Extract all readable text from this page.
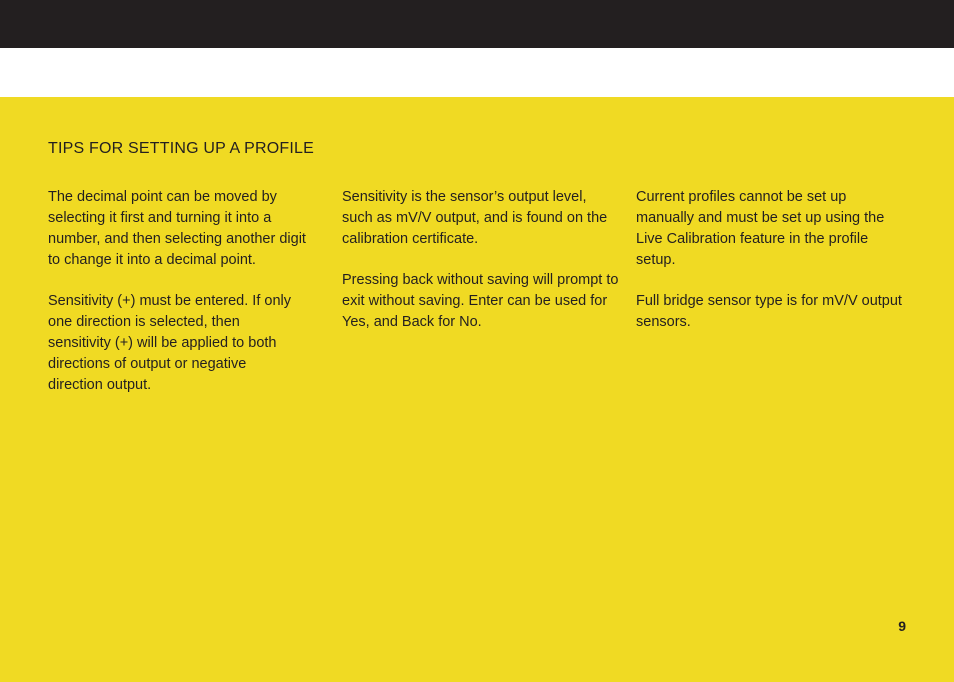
TIPS FOR SETTING UP A PROFILE

The decimal point can be moved by selecting it first and turning it into a number, and then selecting another digit to change it into a decimal point.

Sensitivity (+) must be entered. If only one direction is selected, then sensitivity (+) will be applied to both directions of output or negative direction output.

Sensitivity is the sensor’s output level, such as mV/V output, and is found on the calibration certificate.

Pressing back without saving will prompt to exit without saving. Enter can be used for Yes, and Back for No.

Current profiles cannot be set up manually and must be set up using the Live Calibration feature in the profile setup.

Full bridge sensor type is for mV/V output sensors.

9
